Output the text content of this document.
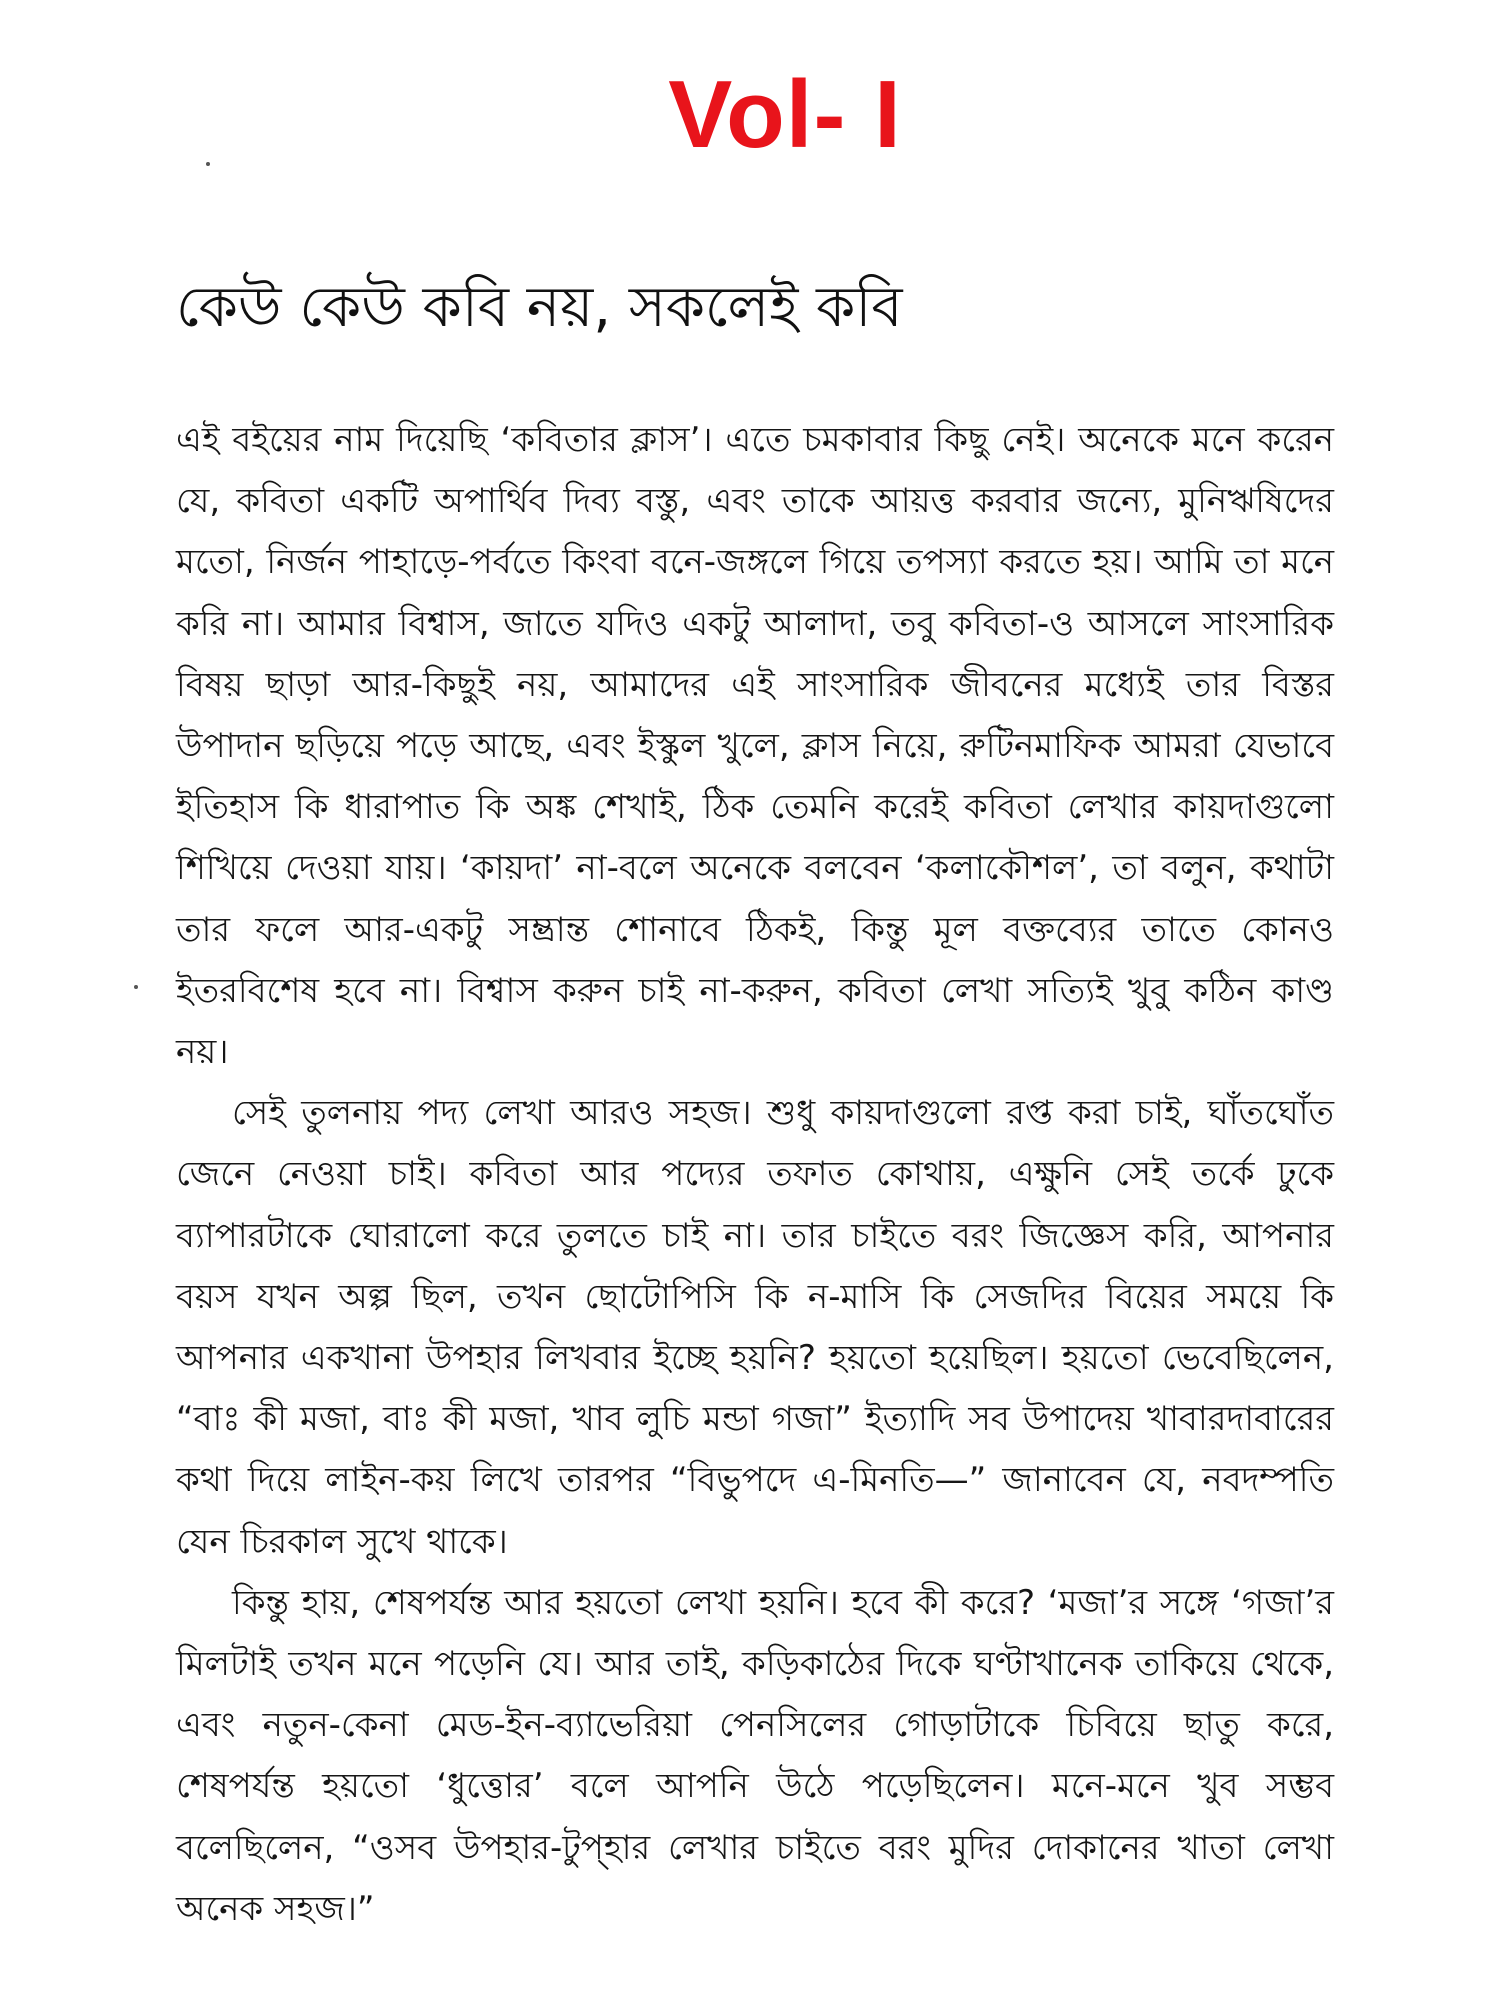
Vol- I
কেউ কেউ কবি নয়, সকলেই কবি

এই বইয়ের নাম দিয়েছি ‘কবিতার ক্লাস’। এতে চমকাবার কিছু নেই। অনেকে মনে করেন যে, কবিতা একটি অপার্থিব দিব্য বস্তু, এবং তাকে আয়ত্ত করবার জন্যে, মুনিঋষিদের মতো, নির্জন পাহাড়ে-পর্বতে কিংবা বনে-জঙ্গলে গিয়ে তপস্যা করতে হয়। আমি তা মনে করি না। আমার বিশ্বাস, জাতে যদিও একটু আলাদা, তবু কবিতা-ও আসলে সাংসারিক বিষয় ছাড়া আর-কিছুই নয়, আমাদের এই সাংসারিক জীবনের মধ্যেই তার বিস্তর উপাদান ছড়িয়ে পড়ে আছে, এবং ইস্কুল খুলে, ক্লাস নিয়ে, রুটিনমাফিক আমরা যেভাবে ইতিহাস কি ধারাপাত কি অঙ্ক শেখাই, ঠিক তেমনি করেই কবিতা লেখার কায়দাগুলো শিখিয়ে দেওয়া যায়। ‘কায়দা’ না-বলে অনেকে বলবেন ‘কলাকৌশল’, তা বলুন, কথাটা তার ফলে আর-একটু সম্ভ্রান্ত শোনাবে ঠিকই, কিন্তু মূল বক্তব্যের তাতে কোনও ইতরবিশেষ হবে না। বিশ্বাস করুন চাই না-করুন, কবিতা লেখা সত্যিই খুবু কঠিন কাণ্ড নয়।

সেই তুলনায় পদ্য লেখা আরও সহজ। শুধু কায়দাগুলো রপ্ত করা চাই, ঘাঁতঘোঁত জেনে নেওয়া চাই। কবিতা আর পদ্যের তফাত কোথায়, এক্ষুনি সেই তর্কে ঢুকে ব্যাপারটাকে ঘোরালো করে তুলতে চাই না। তার চাইতে বরং জিজ্ঞেস করি, আপনার বয়স যখন অল্প ছিল, তখন ছোটোপিসি কি ন-মাসি কি সেজদির বিয়ের সময়ে কি আপনার একখানা উপহার লিখবার ইচ্ছে হয়নি? হয়তো হয়েছিল। হয়তো ভেবেছিলেন, “বাঃ কী মজা, বাঃ কী মজা, খাব লুচি মন্ডা গজা” ইত্যাদি সব উপাদেয় খাবারদাবারের কথা দিয়ে লাইন-কয় লিখে তারপর “বিভুপদে এ-মিনতি—” জানাবেন যে, নবদম্পতি যেন চিরকাল সুখে থাকে।

কিন্তু হায়, শেষপর্যন্ত আর হয়তো লেখা হয়নি। হবে কী করে? ‘মজা’র সঙ্গে ‘গজা’র মিলটাই তখন মনে পড়েনি যে। আর তাই, কড়িকাঠের দিকে ঘণ্টাখানেক তাকিয়ে থেকে, এবং নতুন-কেনা মেড-ইন-ব্যাভেরিয়া পেনসিলের গোড়াটাকে চিবিয়ে ছাতু করে, শেষপর্যন্ত হয়তো ‘ধুত্তোর’ বলে আপনি উঠে পড়েছিলেন। মনে-মনে খুব সম্ভব বলেছিলেন, “ওসব উপহার-টুপ্‌হার লেখার চাইতে বরং মুদির দোকানের খাতা লেখা অনেক সহজ।”
